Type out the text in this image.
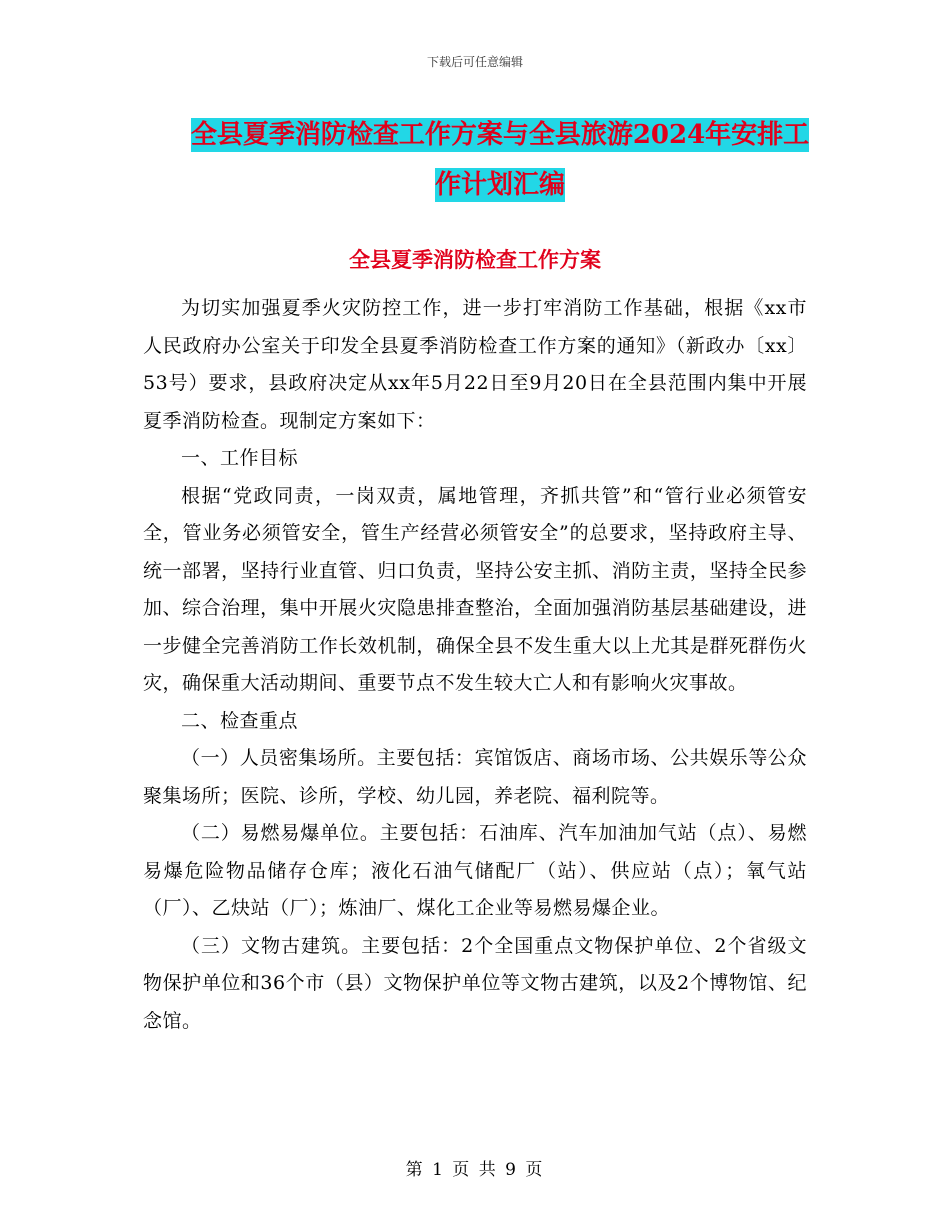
下载后可任意编辑
全县夏季消防检查工作方案与全县旅游2024年安排工
作计划汇编
全县夏季消防检查工作方案

为切实加强夏季火灾防控工作，进一步打牢消防工作基础，根据《xx市人民政府办公室关于印发全县夏季消防检查工作方案的通知》（新政办〔xx〕53号）要求，县政府决定从xx年5月22日至9月20日在全县范围内集中开展夏季消防检查。现制定方案如下：

一、工作目标

根据“党政同责，一岗双责，属地管理，齐抓共管”和“管行业必须管安全，管业务必须管安全，管生产经营必须管安全”的总要求，坚持政府主导、统一部署，坚持行业直管、归口负责，坚持公安主抓、消防主责，坚持全民参加、综合治理，集中开展火灾隐患排查整治，全面加强消防基层基础建设，进一步健全完善消防工作长效机制，确保全县不发生重大以上尤其是群死群伤火灾，确保重大活动期间、重要节点不发生较大亡人和有影响火灾事故。

二、检查重点

（一）人员密集场所。主要包括：宾馆饭店、商场市场、公共娱乐等公众聚集场所；医院、诊所，学校、幼儿园，养老院、福利院等。

（二）易燃易爆单位。主要包括：石油库、汽车加油加气站（点）、易燃易爆危险物品储存仓库；液化石油气储配厂（站）、供应站（点）；氧气站（厂）、乙炔站（厂）；炼油厂、煤化工企业等易燃易爆企业。

（三）文物古建筑。主要包括：2个全国重点文物保护单位、2个省级文物保护单位和36个市（县）文物保护单位等文物古建筑，以及2个博物馆、纪念馆。

第 1 页 共 9 页
